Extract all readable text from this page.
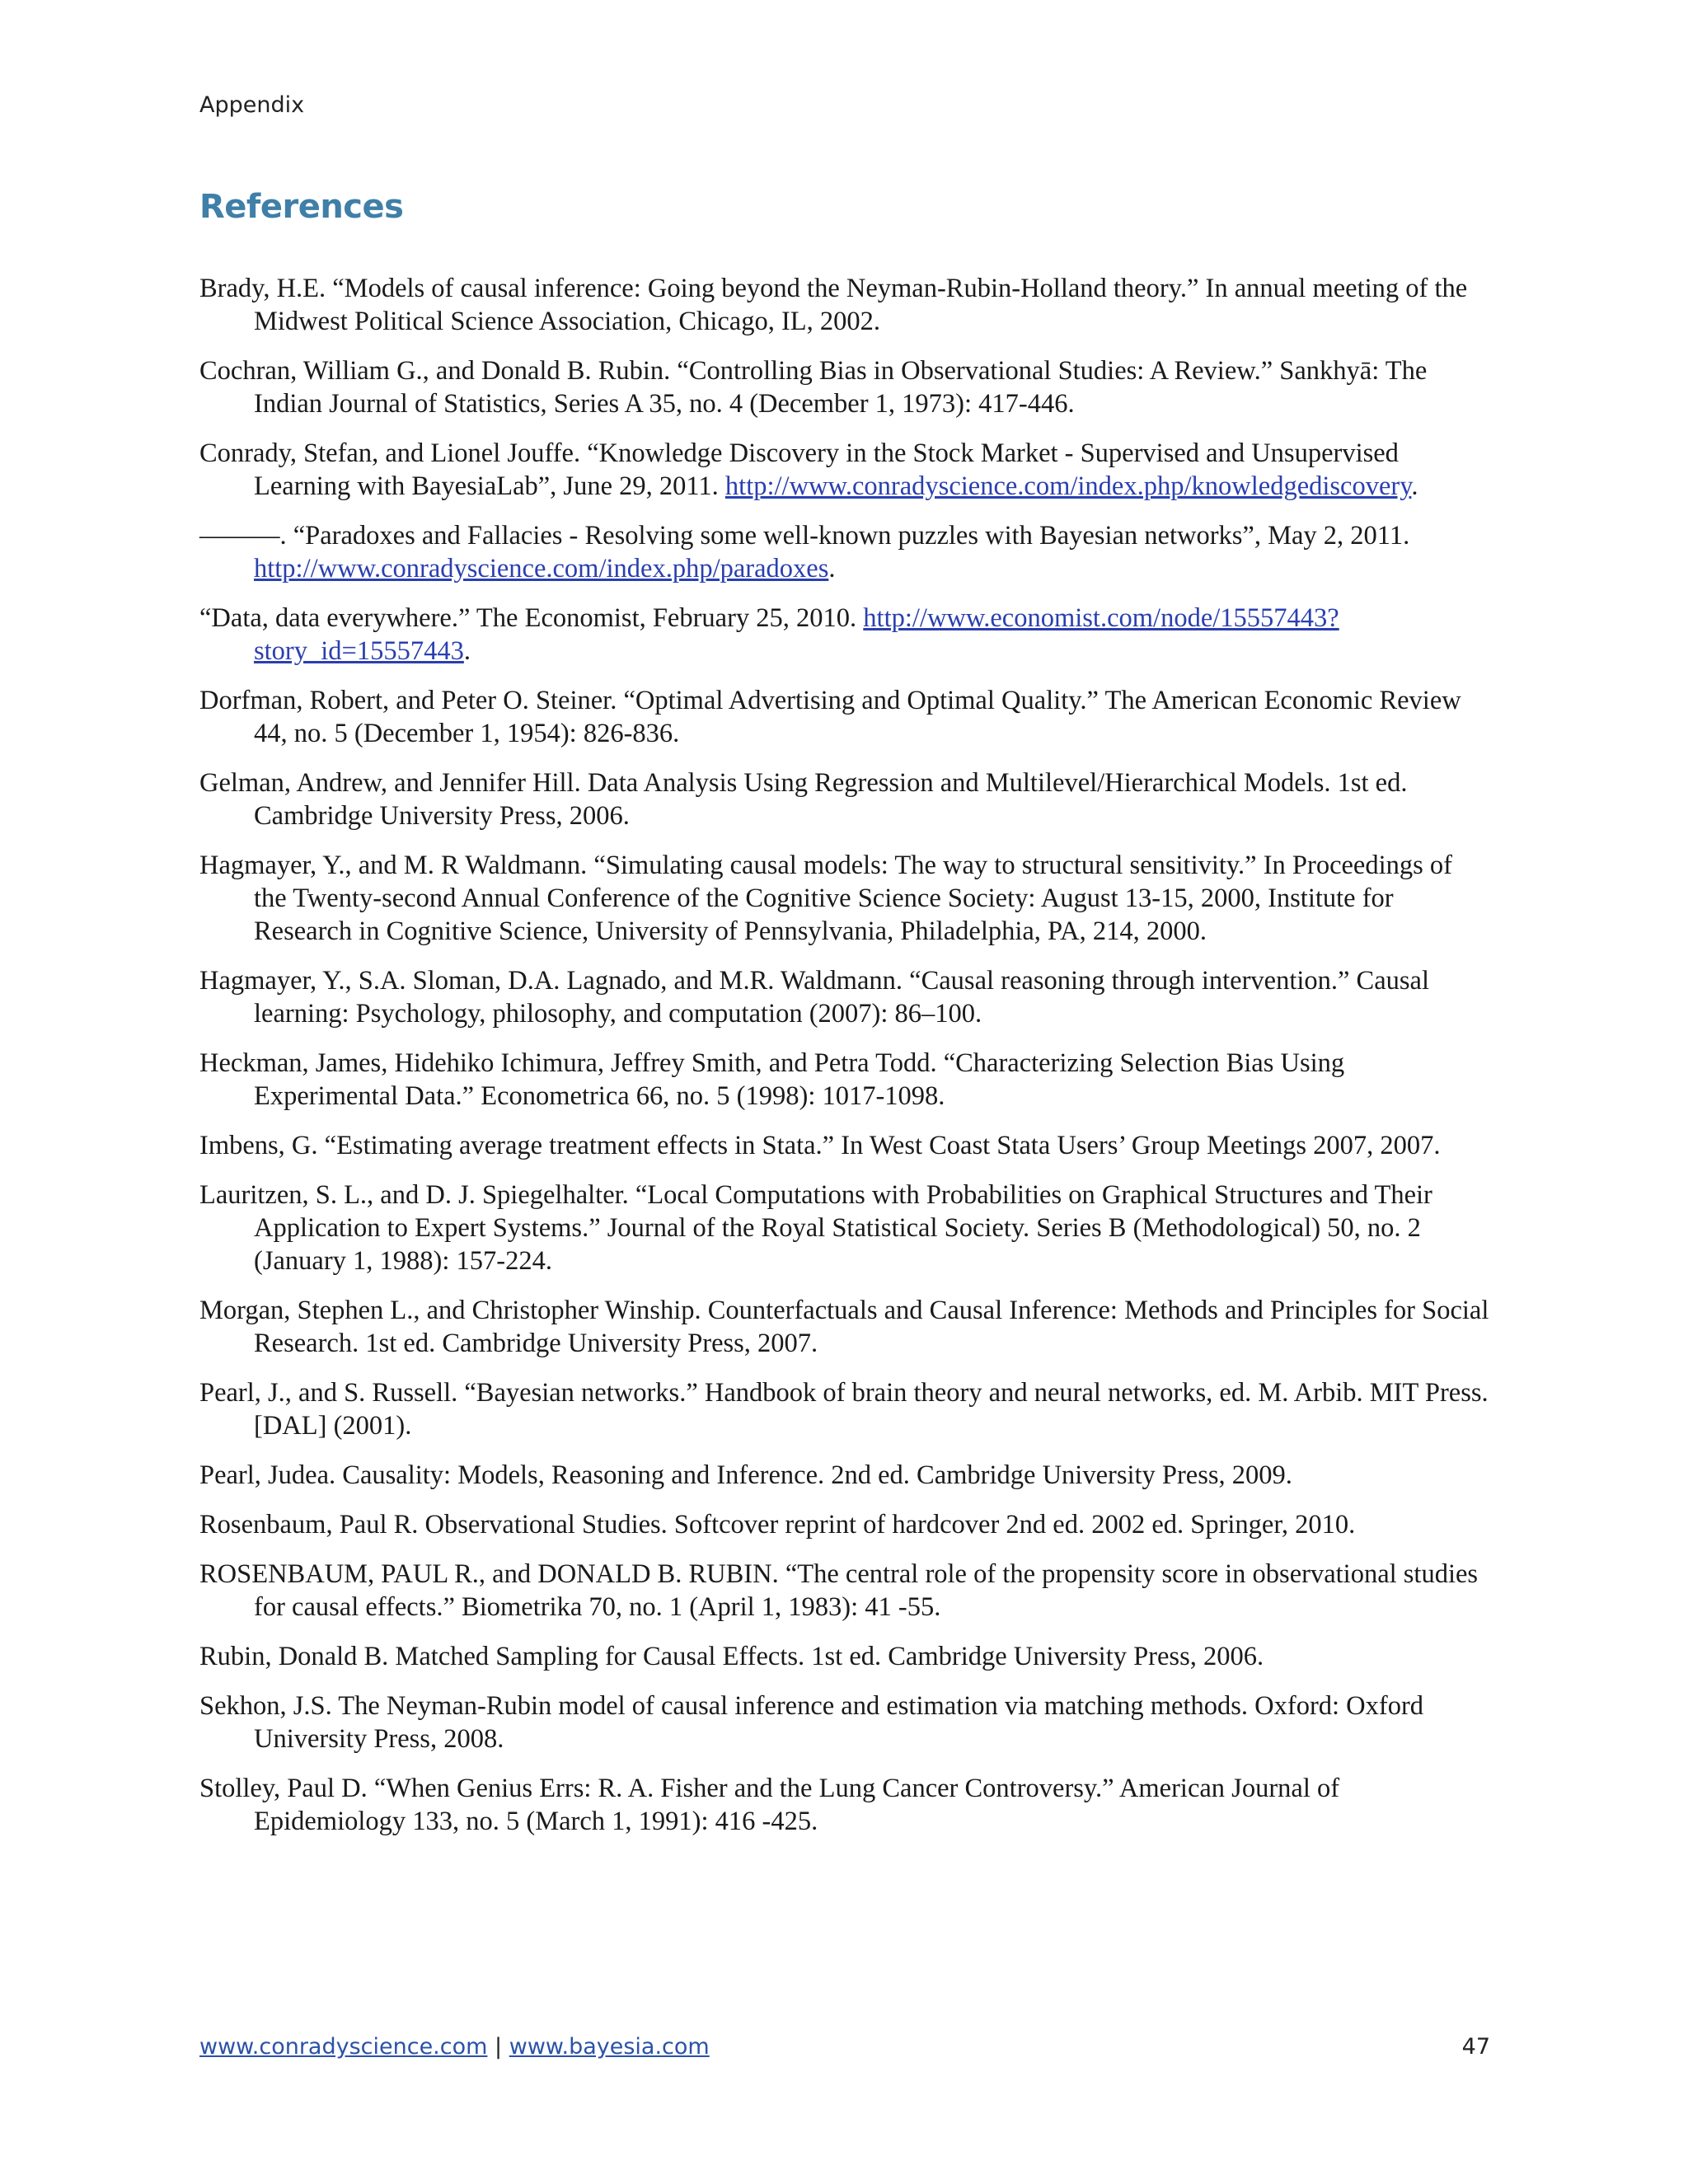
Appendix
References
Brady, H.E. “Models of causal inference: Going beyond the Neyman-Rubin-Holland theory.” In annual meeting of the Midwest Political Science Association, Chicago, IL, 2002.
Cochran, William G., and Donald B. Rubin. “Controlling Bias in Observational Studies: A Review.” Sankhyā: The Indian Journal of Statistics, Series A 35, no. 4 (December 1, 1973): 417-446.
Conrady, Stefan, and Lionel Jouffe. “Knowledge Discovery in the Stock Market - Supervised and Unsupervised Learning with BayesiaLab”, June 29, 2011. http://www.conradyscience.com/index.php/knowledgediscovery.
———. “Paradoxes and Fallacies - Resolving some well-known puzzles with Bayesian networks”, May 2, 2011. http://www.conradyscience.com/index.php/paradoxes.
“Data, data everywhere.” The Economist, February 25, 2010. http://www.economist.com/node/15557443?story_id=15557443.
Dorfman, Robert, and Peter O. Steiner. “Optimal Advertising and Optimal Quality.” The American Economic Review 44, no. 5 (December 1, 1954): 826-836.
Gelman, Andrew, and Jennifer Hill. Data Analysis Using Regression and Multilevel/Hierarchical Models. 1st ed. Cambridge University Press, 2006.
Hagmayer, Y., and M. R Waldmann. “Simulating causal models: The way to structural sensitivity.” In Proceedings of the Twenty-second Annual Conference of the Cognitive Science Society: August 13-15, 2000, Institute for Research in Cognitive Science, University of Pennsylvania, Philadelphia, PA, 214, 2000.
Hagmayer, Y., S.A. Sloman, D.A. Lagnado, and M.R. Waldmann. “Causal reasoning through intervention.” Causal learning: Psychology, philosophy, and computation (2007): 86–100.
Heckman, James, Hidehiko Ichimura, Jeffrey Smith, and Petra Todd. “Characterizing Selection Bias Using Experimental Data.” Econometrica 66, no. 5 (1998): 1017-1098.
Imbens, G. “Estimating average treatment effects in Stata.” In West Coast Stata Users’ Group Meetings 2007, 2007.
Lauritzen, S. L., and D. J. Spiegelhalter. “Local Computations with Probabilities on Graphical Structures and Their Application to Expert Systems.” Journal of the Royal Statistical Society. Series B (Methodological) 50, no. 2 (January 1, 1988): 157-224.
Morgan, Stephen L., and Christopher Winship. Counterfactuals and Causal Inference: Methods and Principles for Social Research. 1st ed. Cambridge University Press, 2007.
Pearl, J., and S. Russell. “Bayesian networks.” Handbook of brain theory and neural networks, ed. M. Arbib. MIT Press.[DAL] (2001).
Pearl, Judea. Causality: Models, Reasoning and Inference. 2nd ed. Cambridge University Press, 2009.
Rosenbaum, Paul R. Observational Studies. Softcover reprint of hardcover 2nd ed. 2002 ed. Springer, 2010.
ROSENBAUM, PAUL R., and DONALD B. RUBIN. “The central role of the propensity score in observational studies for causal effects.” Biometrika 70, no. 1 (April 1, 1983): 41 -55.
Rubin, Donald B. Matched Sampling for Causal Effects. 1st ed. Cambridge University Press, 2006.
Sekhon, J.S. The Neyman-Rubin model of causal inference and estimation via matching methods. Oxford: Oxford University Press, 2008.
Stolley, Paul D. “When Genius Errs: R. A. Fisher and the Lung Cancer Controversy.” American Journal of Epidemiology 133, no. 5 (March 1, 1991): 416 -425.
www.conradyscience.com | www.bayesia.com	47
